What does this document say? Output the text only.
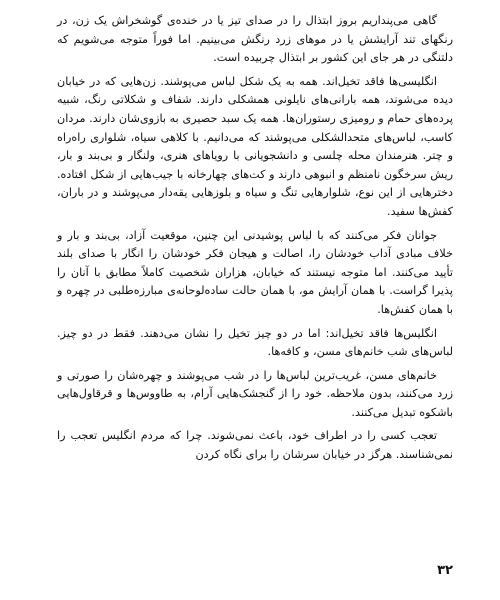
گاهی می‌پنداریم بروز ابتذال را در صدای تیز یا در خنده‌ی گوشخراش یک زن، در رنگهای تند آرایشش یا در موهای زرد رنگش می‌بینیم. اما فوراً متوجه می‌شویم که دلتنگی در هر جای این کشور بر ابتذال چربیده است.

انگلیسی‌ها فاقد تخیل‌اند. همه به یک شکل لباس می‌پوشند. زن‌هایی که در خیابان دیده می‌شوند، همه بارانی‌های نایلونی همشکلی دارند. شفاف و شکلاتی رنگ، شبیه پرده‌های حمام و رومیزی رستوران‌ها. همه یک سبد حصیری به بازوی‌شان دارند. مردان کاسب، لباس‌های متحدالشکلی می‌پوشند که می‌دانیم. با کلاهی سیاه، شلواری راه‌راه و چتر. هنرمندان محله چلسی و دانشجویانی با رویاهای هنری، ولنگار و بی‌بند و بار، ریش سرخگون نامنظم و انبوهی دارند و کت‌های چهارخانه با جیب‌هایی از شکل افتاده. دخترهایی از این نوع، شلوارهایی تنگ و سیاه و بلوزهایی یقه‌دار می‌پوشند و در باران، کفش‌ها سفید.

جوانان فکر می‌کنند که با لباس پوشیدنی این چنین، موقعیت آزاد، بی‌بند و بار و خلاف مبادی آداب خودشان را، اصالت و هیجان فکر خودشان را انگار با صدای بلند تأیید می‌کنند. اما متوجه نیستند که خیابان، هزاران شخصیت کاملاً مطابق با آنان را پذیرا گراست. با همان آرایش مو، با همان حالت ساده‌لوحانه‌ی مبارزه‌طلبی در چهره و با همان کفش‌ها.

انگلیس‌ها فاقد تخیل‌اند: اما در دو چیز تخیل را نشان می‌دهند. فقط در دو چیز. لباس‌های شب خانم‌های مسن، و کافه‌ها.

خانم‌های مسن، غریب‌ترین لباس‌ها را در شب می‌پوشند و چهره‌شان را صورتی و زرد می‌کنند، بدون ملاحظه. خود را از گنجشک‌هایی آرام، به طاووس‌ها و قرقاول‌هایی باشکوه تبدیل می‌کنند.

تعجب کسی را در اطراف خود، باعث نمی‌شوند. چرا که مردم انگلیس تعجب را نمی‌شناسند. هرگز در خیابان سرشان را برای نگاه کردن

۳۲
